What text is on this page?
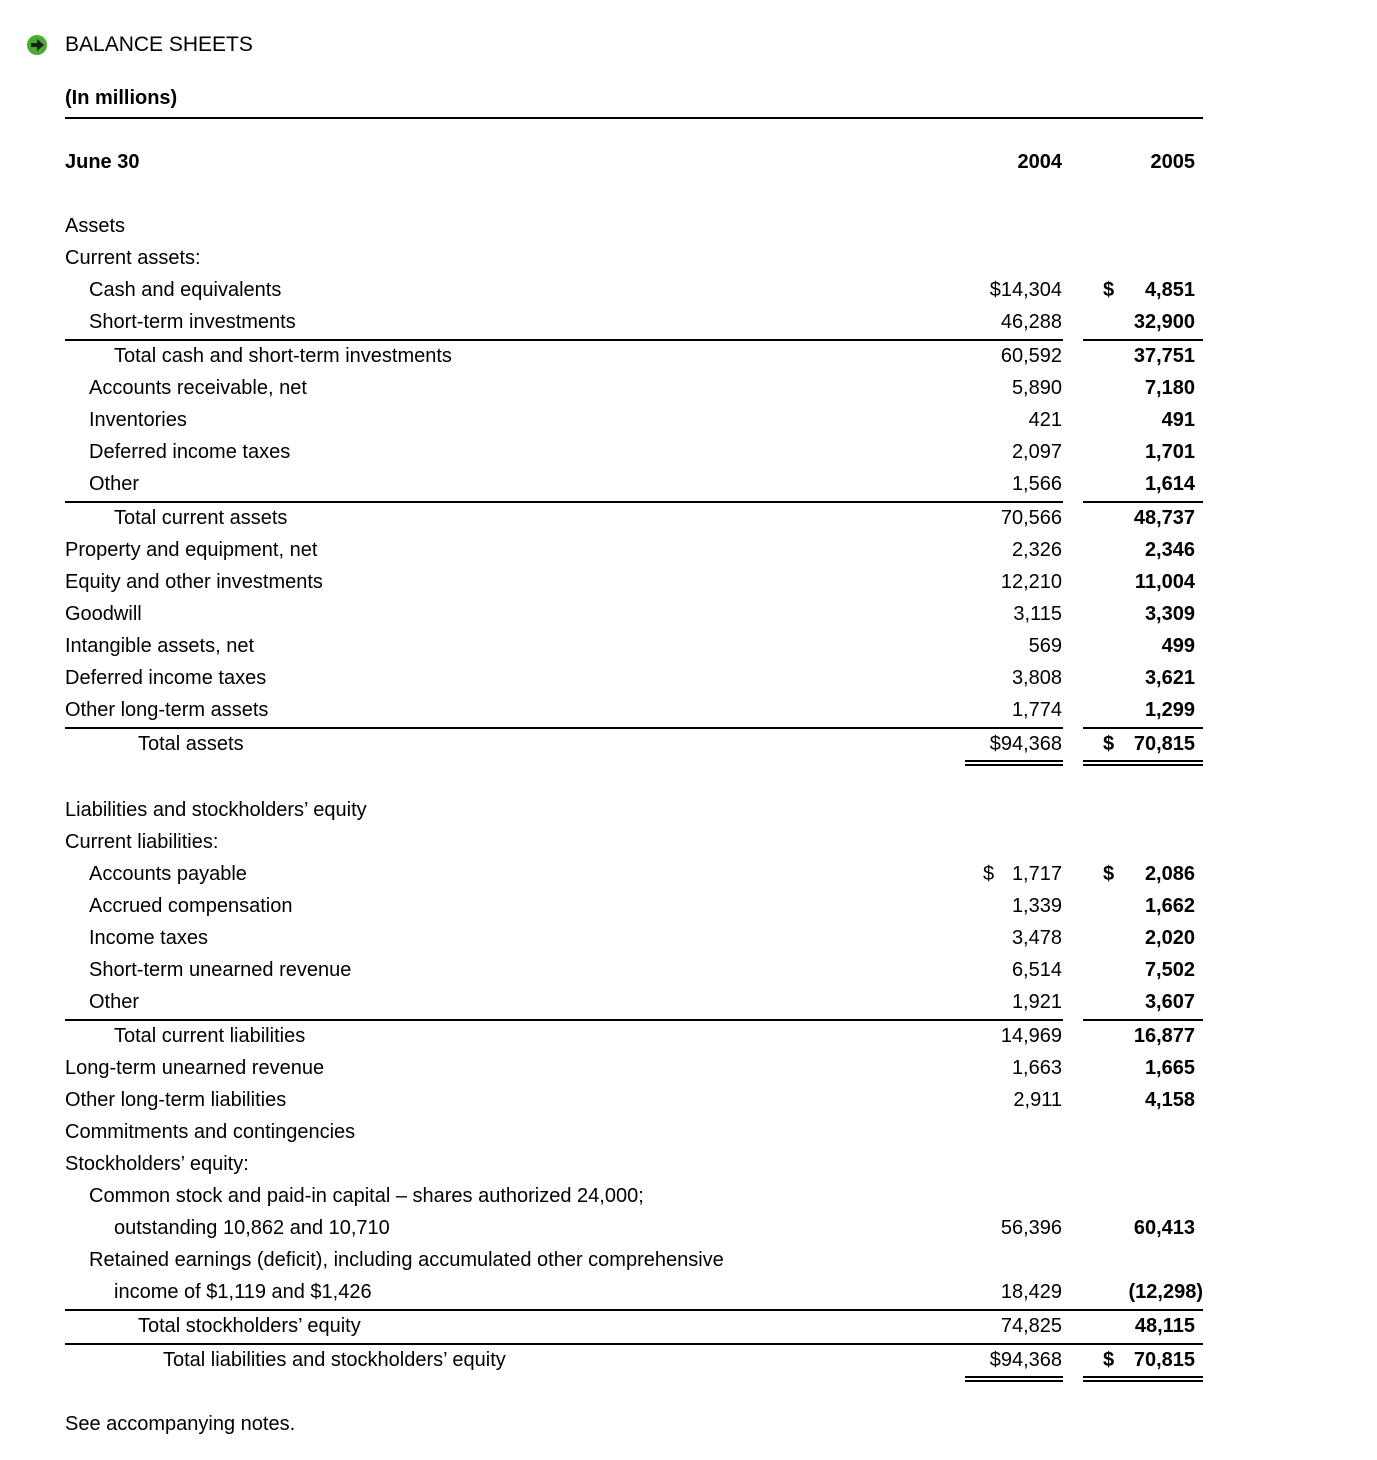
BALANCE SHEETS
(In millions)
June 30	2004	2005
Assets
Current assets:
Cash and equivalents	$14,304 $ 4,851
Short-term investments	46,288	32,900
Total cash and short-term investments	60,592	37,751
Accounts receivable, net	5,890	7,180
Inventories	421	491
Deferred income taxes	2,097	1,701
Other	1,566	1,614
Total current assets	70,566	48,737
Property and equipment, net	2,326	2,346
Equity and other investments	12,210	11,004
Goodwill	3,115	3,309
Intangible assets, net	569	499
Deferred income taxes	3,808	3,621
Other long-term assets	1,774	1,299
Total assets	$94,368 $ 70,815
Liabilities and stockholders’ equity
Current liabilities:
Accounts payable	$ 1,717 $ 2,086
Accrued compensation	1,339	1,662
Income taxes	3,478	2,020
Short-term unearned revenue	6,514	7,502
Other	1,921	3,607
Total current liabilities	14,969	16,877
Long-term unearned revenue	1,663	1,665
Other long-term liabilities	2,911	4,158
Commitments and contingencies
Stockholders’ equity:
Common stock and paid-in capital – shares authorized 24,000;
outstanding 10,862 and 10,710	56,396	60,413
Retained earnings (deficit), including accumulated other comprehensive
income of $1,119 and $1,426	18,429	(12,298)
Total stockholders’ equity	74,825	48,115
Total liabilities and stockholders’ equity	$94,368 $ 70,815
See accompanying notes.
